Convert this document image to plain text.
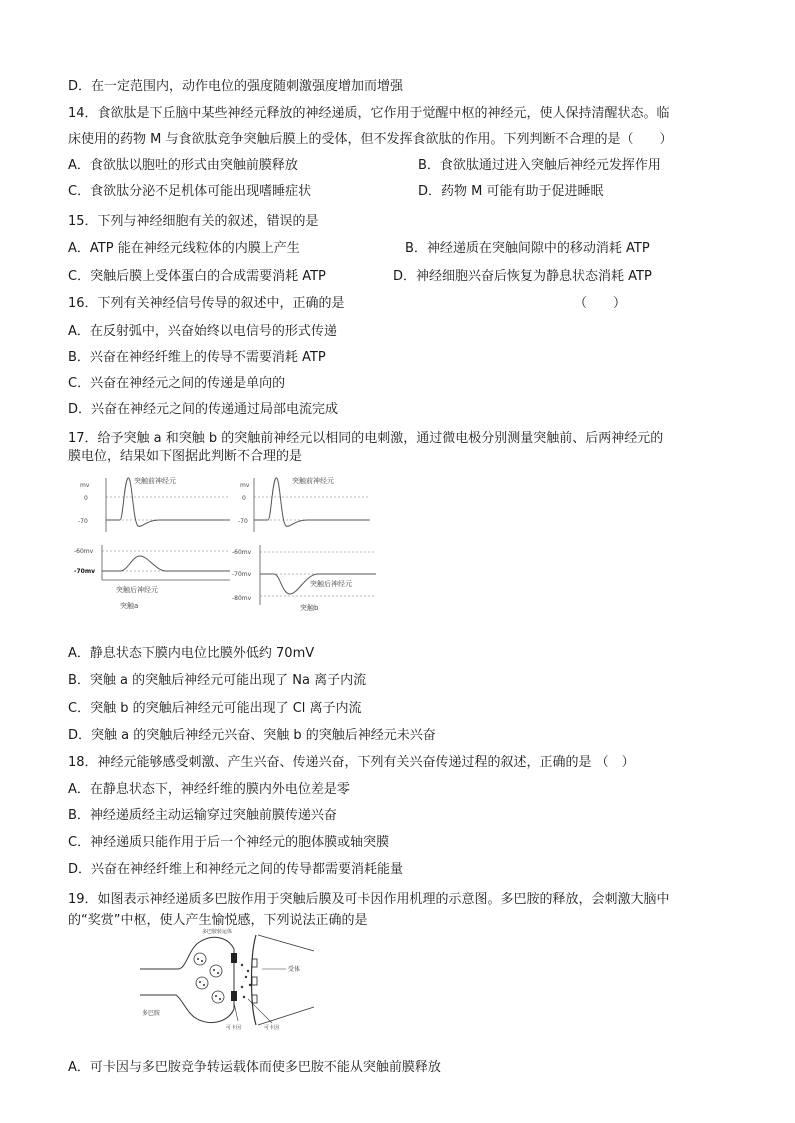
D．在一定范围内，动作电位的强度随刺激强度增加而增强
14．食欲肽是下丘脑中某些神经元释放的神经递质，它作用于觉醒中枢的神经元，使人保持清醒状态。临
床使用的药物 M 与食欲肽竞争突触后膜上的受体，但不发挥食欲肽的作用。下列判断不合理的是（　　）
A．食欲肽以胞吐的形式由突触前膜释放	B．食欲肽通过进入突触后神经元发挥作用
C．食欲肽分泌不足机体可能出现嗜睡症状	D．药物 M 可能有助于促进睡眠
15．下列与神经细胞有关的叙述，错误的是
A．ATP 能在神经元线粒体的内膜上产生	B．神经递质在突触间隙中的移动消耗 ATP
C．突触后膜上受体蛋白的合成需要消耗 ATP	D．神经细胞兴奋后恢复为静息状态消耗 ATP
16．下列有关神经信号传导的叙述中，正确的是	（　　）
A．在反射弧中，兴奋始终以电信号的形式传递
B．兴奋在神经纤维上的传导不需要消耗 ATP
C．兴奋在神经元之间的传递是单向的
D．兴奋在神经元之间的传递通过局部电流完成
17．给予突触 a 和突触 b 的突触前神经元以相同的电刺激，通过微电极分别测量突触前、后两神经元的
膜电位，结果如下图据此判断不合理的是
mv
0
-70
突触前神经元
-60mv
-70mv
突触后神经元
突触a
mv
0
-70
突触前神经元
-60mv
-70mv
-80mv
突触后神经元
突触b
A．静息状态下膜内电位比膜外低约 70mV
B．突触 a 的突触后神经元可能出现了 Na 离子内流
C．突触 b 的突触后神经元可能出现了 Cl 离子内流
D．突触 a 的突触后神经元兴奋、突触 b 的突触后神经元未兴奋
18．神经元能够感受刺激、产生兴奋、传递兴奋，下列有关兴奋传递过程的叙述，正确的是 （　）
A．在静息状态下，神经纤维的膜内外电位差是零
B．神经递质经主动运输穿过突触前膜传递兴奋
C．神经递质只能作用于后一个神经元的胞体膜或轴突膜
D．兴奋在神经纤维上和神经元之间的传导都需要消耗能量
19．如图表示神经递质多巴胺作用于突触后膜及可卡因作用机理的示意图。多巴胺的释放，会刺激大脑中
的“奖赏”中枢，使人产生愉悦感，下列说法正确的是
多巴胺转运体
受体
多巴胺
可卡因	可卡因
A．可卡因与多巴胺竞争转运载体而使多巴胺不能从突触前膜释放
